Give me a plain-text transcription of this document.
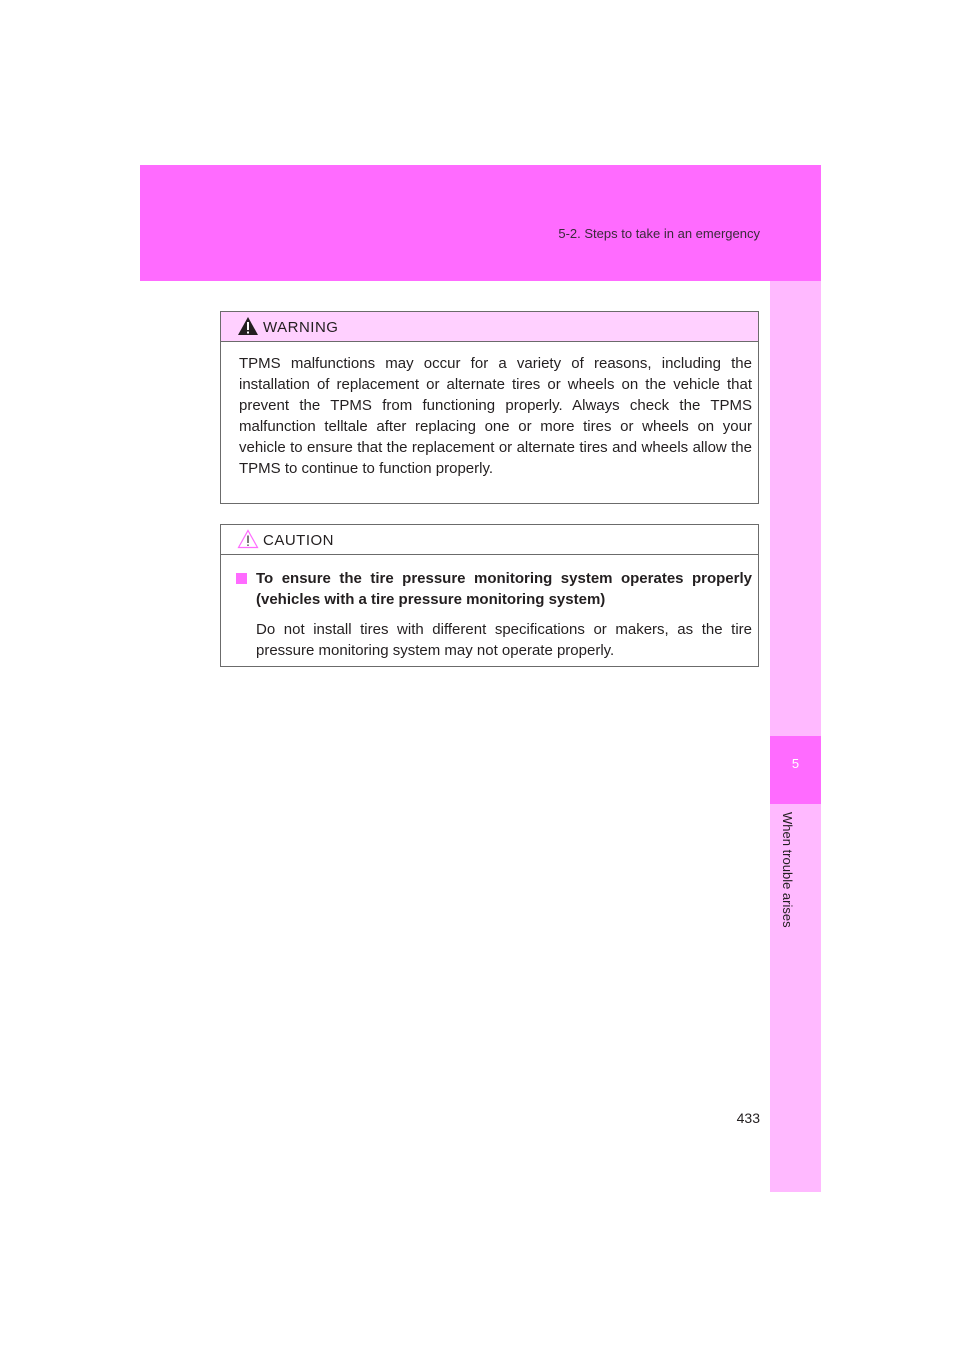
5-2. Steps to take in an emergency
5
When trouble arises
WARNING
TPMS malfunctions may occur for a variety of reasons, including the installation of replacement or alternate tires or wheels on the vehicle that prevent the TPMS from functioning properly. Always check the TPMS malfunction telltale after replacing one or more tires or wheels on your vehicle to ensure that the replacement or alternate tires and wheels allow the TPMS to continue to function properly.
CAUTION
To ensure the tire pressure monitoring system operates properly (vehicles with a tire pressure monitoring system)
Do not install tires with different specifications or makers, as the tire pressure monitoring system may not operate properly.
433
